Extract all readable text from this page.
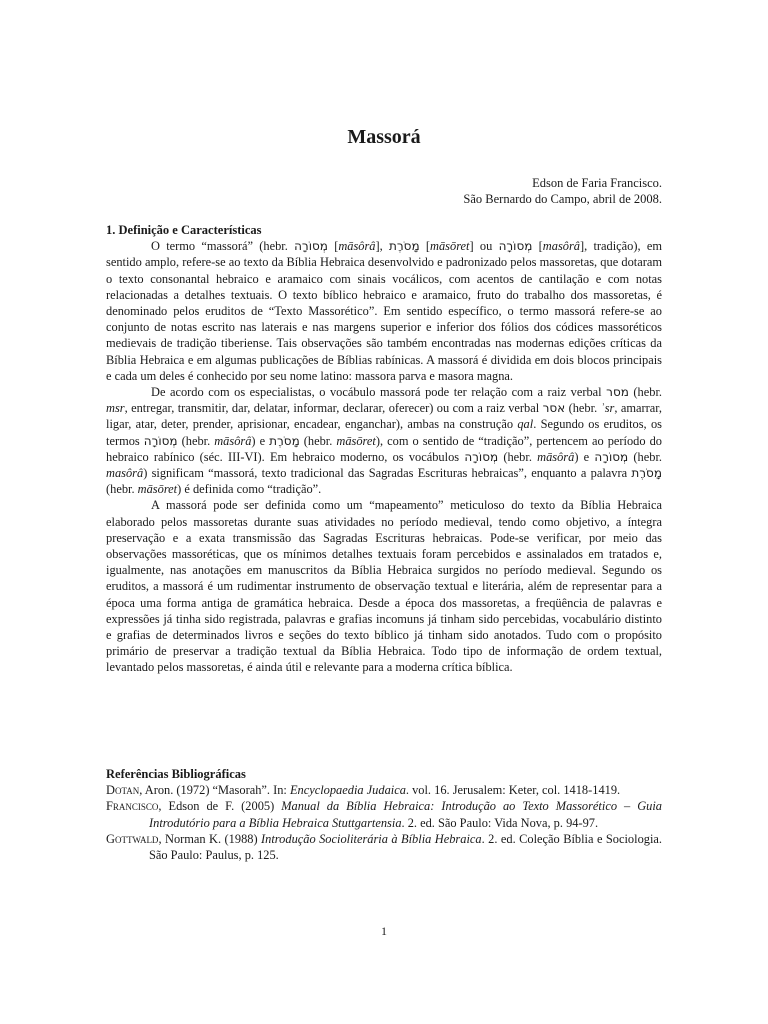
Massorá
Edson de Faria Francisco.
São Bernardo do Campo, abril de 2008.

1. Definição e Características

O termo “massorá” (hebr. מְסוֹרָה [māsôrâ], מָסֹרֶת [māsōret] ou מְסוֹרָה [masôrâ], tradição), em sentido amplo, refere-se ao texto da Bíblia Hebraica desenvolvido e padronizado pelos massoretas, que dotaram o texto consonantal hebraico e aramaico com sinais vocálicos, com acentos de cantilação e com notas relacionadas a detalhes textuais. O texto bíblico hebraico e aramaico, fruto do trabalho dos massoretas, é denominado pelos eruditos de “Texto Massorético”. Em sentido específico, o termo massorá refere-se ao conjunto de notas escrito nas laterais e nas margens superior e inferior dos fólios dos códices massoréticos medievais de tradição tiberiense. Tais observações são também encontradas nas modernas edições críticas da Bíblia Hebraica e em algumas publicações de Bíblias rabínicas. A massorá é dividida em dois blocos principais e cada um deles é conhecido por seu nome latino: massora parva e masora magna.

De acordo com os especialistas, o vocábulo massorá pode ter relação com a raiz verbal מסר (hebr. msr, entregar, transmitir, dar, delatar, informar, declarar, oferecer) ou com a raiz verbal אסר (hebr. ʾsr, amarrar, ligar, atar, deter, prender, aprisionar, encadear, enganchar), ambas na construção qal. Segundo os eruditos, os termos מְסוֹרָה (hebr. māsôrâ) e מָסֹרֶת (hebr. māsōret), com o sentido de “tradição”, pertencem ao período do hebraico rabínico (séc. III-VI). Em hebraico moderno, os vocábulos מְסוֹרָה (hebr. māsôrâ) e מְסוֹרָה (hebr. masôrâ) significam “massorá, texto tradicional das Sagradas Escrituras hebraicas”, enquanto a palavra מָסֹרֶת (hebr. māsōret) é definida como “tradição”.

A massorá pode ser definida como um “mapeamento” meticuloso do texto da Bíblia Hebraica elaborado pelos massoretas durante suas atividades no período medieval, tendo como objetivo, a íntegra preservação e a exata transmissão das Sagradas Escrituras hebraicas. Pode-se verificar, por meio das observações massoréticas, que os mínimos detalhes textuais foram percebidos e assinalados em tratados e, igualmente, nas anotações em manuscritos da Bíblia Hebraica surgidos no período medieval. Segundo os eruditos, a massorá é um rudimentar instrumento de observação textual e literária, além de representar para a época uma forma antiga de gramática hebraica. Desde a época dos massoretas, a freqüência de palavras e expressões já tinha sido registrada, palavras e grafias incomuns já tinham sido percebidas, vocabulário distinto e grafias de determinados livros e seções do texto bíblico já tinham sido anotados. Tudo com o propósito primário de preservar a tradição textual da Bíblia Hebraica. Todo tipo de informação de ordem textual, levantado pelos massoretas, é ainda útil e relevante para a moderna crítica bíblica.

Referências Bibliográficas

Dotan, Aron. (1972) “Masorah”. In: Encyclopaedia Judaica. vol. 16. Jerusalem: Keter, col. 1418-1419.

Francisco, Edson de F. (2005) Manual da Bíblia Hebraica: Introdução ao Texto Massorético – Guia Introdutório para a Bíblia Hebraica Stuttgartensia. 2. ed. São Paulo: Vida Nova, p. 94-97.

Gottwald, Norman K. (1988) Introdução Socioliterária à Bíblia Hebraica. 2. ed. Coleção Bíblia e Sociologia. São Paulo: Paulus, p. 125.

1
